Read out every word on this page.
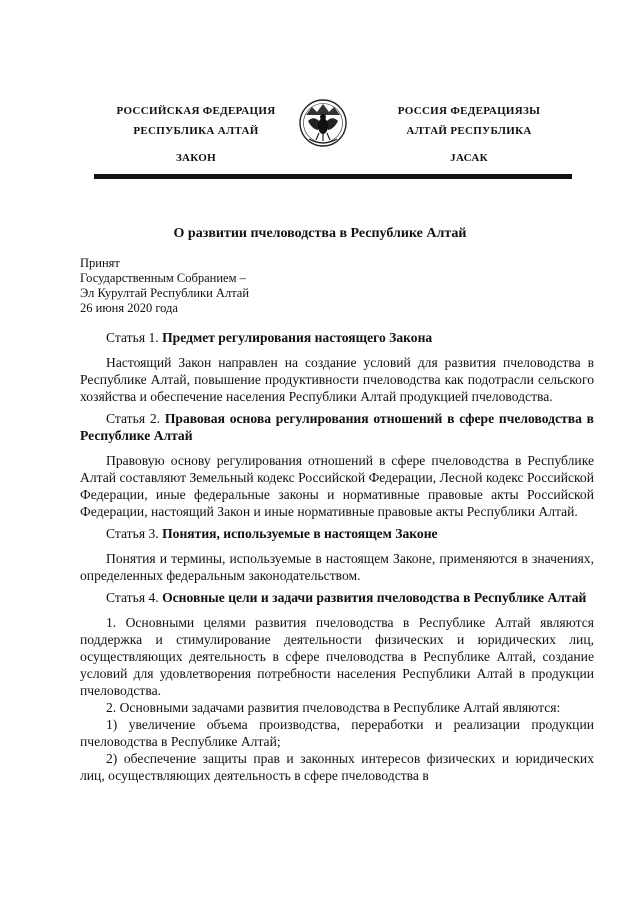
РОССИЙСКАЯ ФЕДЕРАЦИЯ
РЕСПУБЛИКА АЛТАЙ
ЗАКОН
РОССИЯ ФЕДЕРАЦИЯЗЫ
АЛТАЙ РЕСПУБЛИКА
JАСАК
О развитии пчеловодства в Республике Алтай
Принят
Государственным Собранием –
Эл Курултай Республики Алтай
26 июня 2020 года

Статья 1. Предмет регулирования настоящего Закона

Настоящий Закон направлен на создание условий для развития пчеловодства в Республике Алтай, повышение продуктивности пчеловодства как подотрасли сельского хозяйства и обеспечение населения Республики Алтай продукцией пчеловодства.

Статья 2. Правовая основа регулирования отношений в сфере пчеловодства в Республике Алтай

Правовую основу регулирования отношений в сфере пчеловодства в Республике Алтай составляют Земельный кодекс Российской Федерации, Лесной кодекс Российской Федерации, иные федеральные законы и нормативные правовые акты Российской Федерации, настоящий Закон и иные нормативные правовые акты Республики Алтай.

Статья 3. Понятия, используемые в настоящем Законе

Понятия и термины, используемые в настоящем Законе, применяются в значениях, определенных федеральным законодательством.

Статья 4. Основные цели и задачи развития пчеловодства в Республике Алтай

1. Основными целями развития пчеловодства в Республике Алтай являются поддержка и стимулирование деятельности физических и юридических лиц, осуществляющих деятельность в сфере пчеловодства в Республике Алтай, создание условий для удовлетворения потребности населения Республики Алтай в продукции пчеловодства.

2. Основными задачами развития пчеловодства в Республике Алтай являются:

1) увеличение объема производства, переработки и реализации продукции пчеловодства в Республике Алтай;

2) обеспечение защиты прав и законных интересов физических и юридических лиц, осуществляющих деятельность в сфере пчеловодства в
